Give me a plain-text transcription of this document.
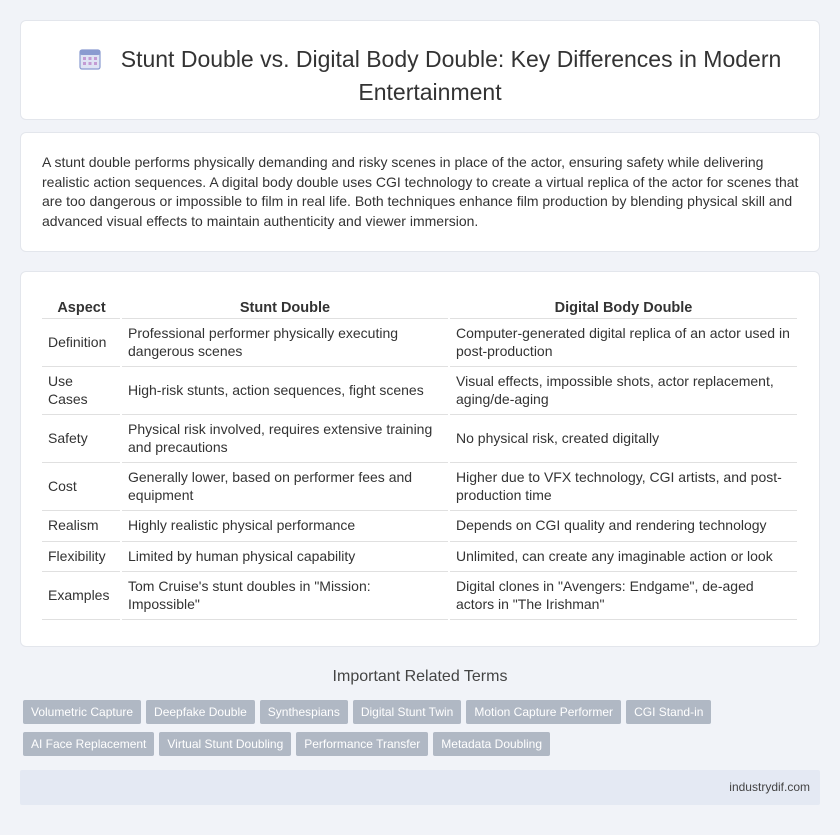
Stunt Double vs. Digital Body Double: Key Differences in Modern Entertainment

A stunt double performs physically demanding and risky scenes in place of the actor, ensuring safety while delivering realistic action sequences. A digital body double uses CGI technology to create a virtual replica of the actor for scenes that are too dangerous or impossible to film in real life. Both techniques enhance film production by blending physical skill and advanced visual effects to maintain authenticity and viewer immersion.

Aspect	Stunt Double	Digital Body Double
Definition	Professional performer physically executing dangerous scenes	Computer-generated digital replica of an actor used in post-production
Use Cases	High-risk stunts, action sequences, fight scenes	Visual effects, impossible shots, actor replacement, aging/de-aging
Safety	Physical risk involved, requires extensive training and precautions	No physical risk, created digitally
Cost	Generally lower, based on performer fees and equipment	Higher due to VFX technology, CGI artists, and post-production time
Realism	Highly realistic physical performance	Depends on CGI quality and rendering technology
Flexibility	Limited by human physical capability	Unlimited, can create any imaginable action or look
Examples	Tom Cruise's stunt doubles in "Mission: Impossible"	Digital clones in "Avengers: Endgame", de-aged actors in "The Irishman"
Important Related Terms
Volumetric Capture Deepfake Double Synthespians Digital Stunt Twin Motion Capture Performer CGI Stand-in
AI Face Replacement Virtual Stunt Doubling Performance Transfer Metadata Doubling
industrydif.com
